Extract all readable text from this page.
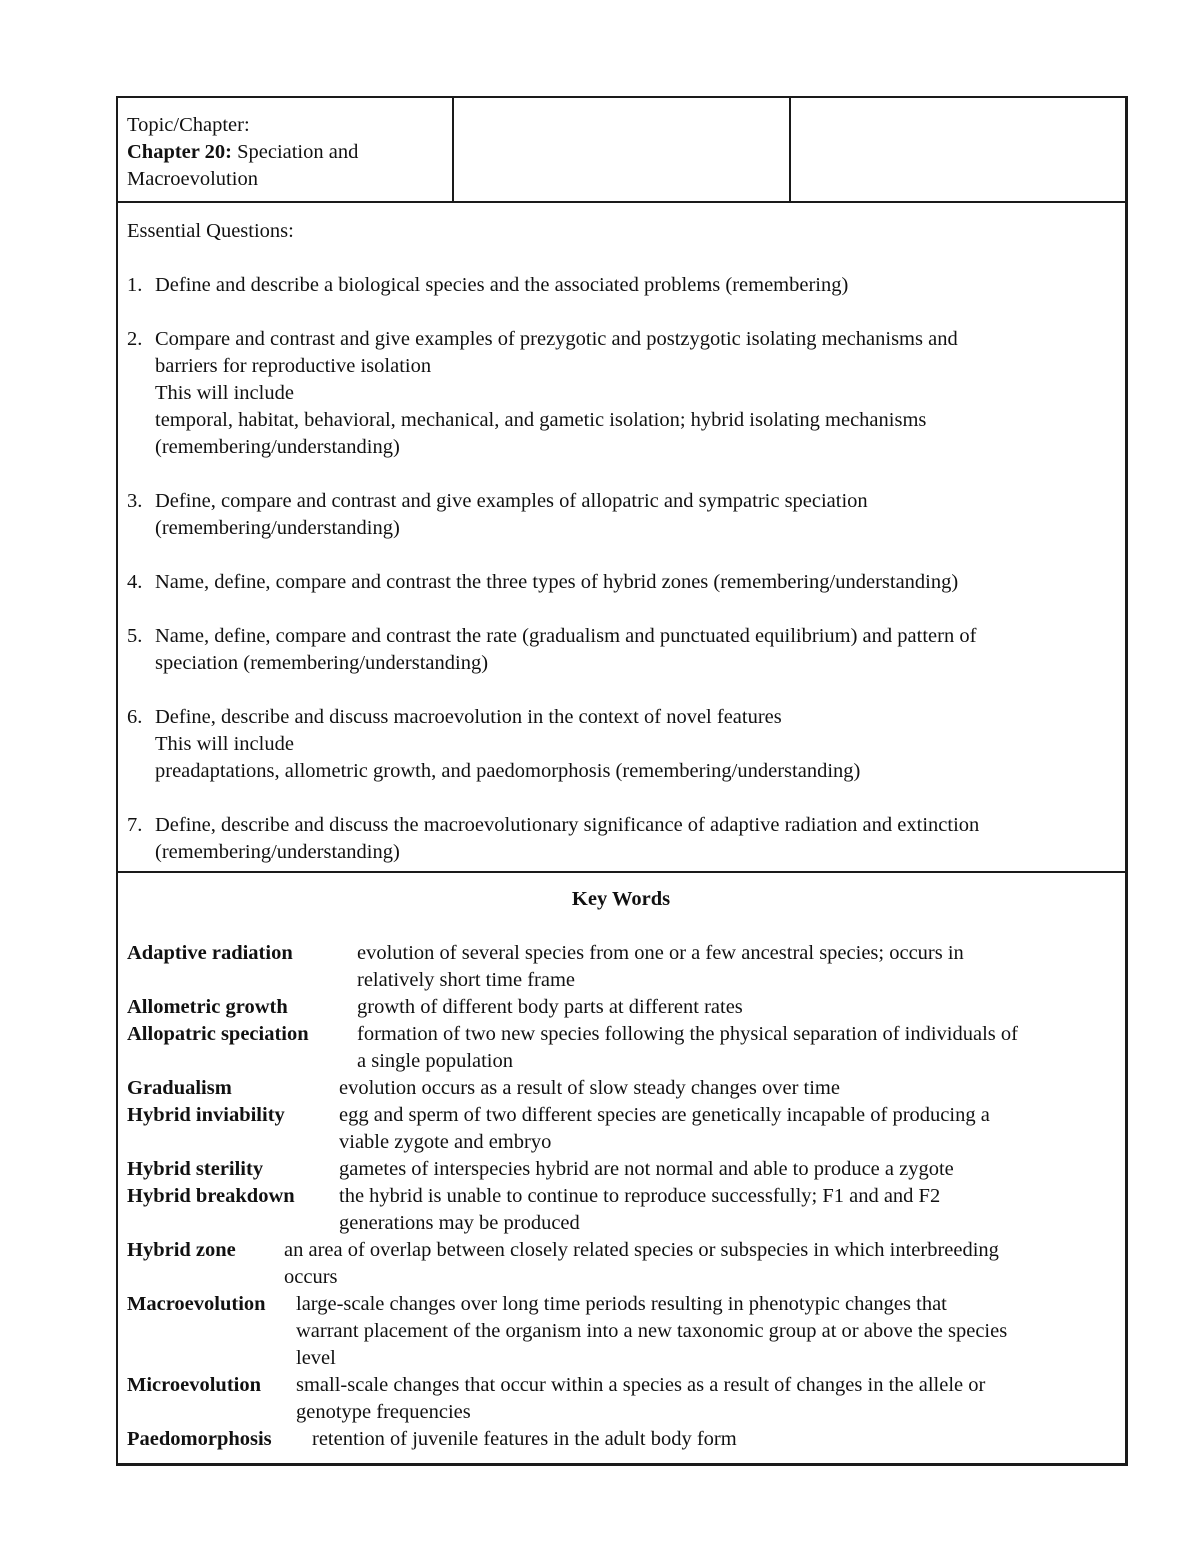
Topic/Chapter:
Chapter 20: Speciation and
Macroevolution
Essential Questions:
1. Define and describe a biological species and the associated problems (remembering)
2. Compare and contrast and give examples of prezygotic and postzygotic isolating mechanisms and
barriers for reproductive isolation
This will include
temporal, habitat, behavioral, mechanical, and gametic isolation; hybrid isolating mechanisms
(remembering/understanding)
3. Define, compare and contrast and give examples of allopatric and sympatric speciation
(remembering/understanding)
4. Name, define, compare and contrast the three types of hybrid zones (remembering/understanding)
5. Name, define, compare and contrast the rate (gradualism and punctuated equilibrium) and pattern of
speciation (remembering/understanding)
6. Define, describe and discuss macroevolution in the context of novel features
This will include
preadaptations, allometric growth, and paedomorphosis (remembering/understanding)
7. Define, describe and discuss the macroevolutionary significance of adaptive radiation and extinction
(remembering/understanding)
Key Words
Adaptive radiation	evolution of several species from one or a few ancestral species; occurs in
relatively short time frame
Allometric growth	growth of different body parts at different rates
Allopatric speciation	formation of two new species following the physical separation of individuals of
a single population
Gradualism	evolution occurs as a result of slow steady changes over time
Hybrid inviability	egg and sperm of two different species are genetically incapable of producing a
viable zygote and embryo
Hybrid sterility	gametes of interspecies hybrid are not normal and able to produce a zygote
Hybrid breakdown	the hybrid is unable to continue to reproduce successfully; F1 and and F2
generations may be produced
Hybrid zone	an area of overlap between closely related species or subspecies in which interbreeding
occurs
Macroevolution	large-scale changes over long time periods resulting in phenotypic changes that
warrant placement of the organism into a new taxonomic group at or above the species
level
Microevolution	small-scale changes that occur within a species as a result of changes in the allele or
genotype frequencies
Paedomorphosis	retention of juvenile features in the adult body form
